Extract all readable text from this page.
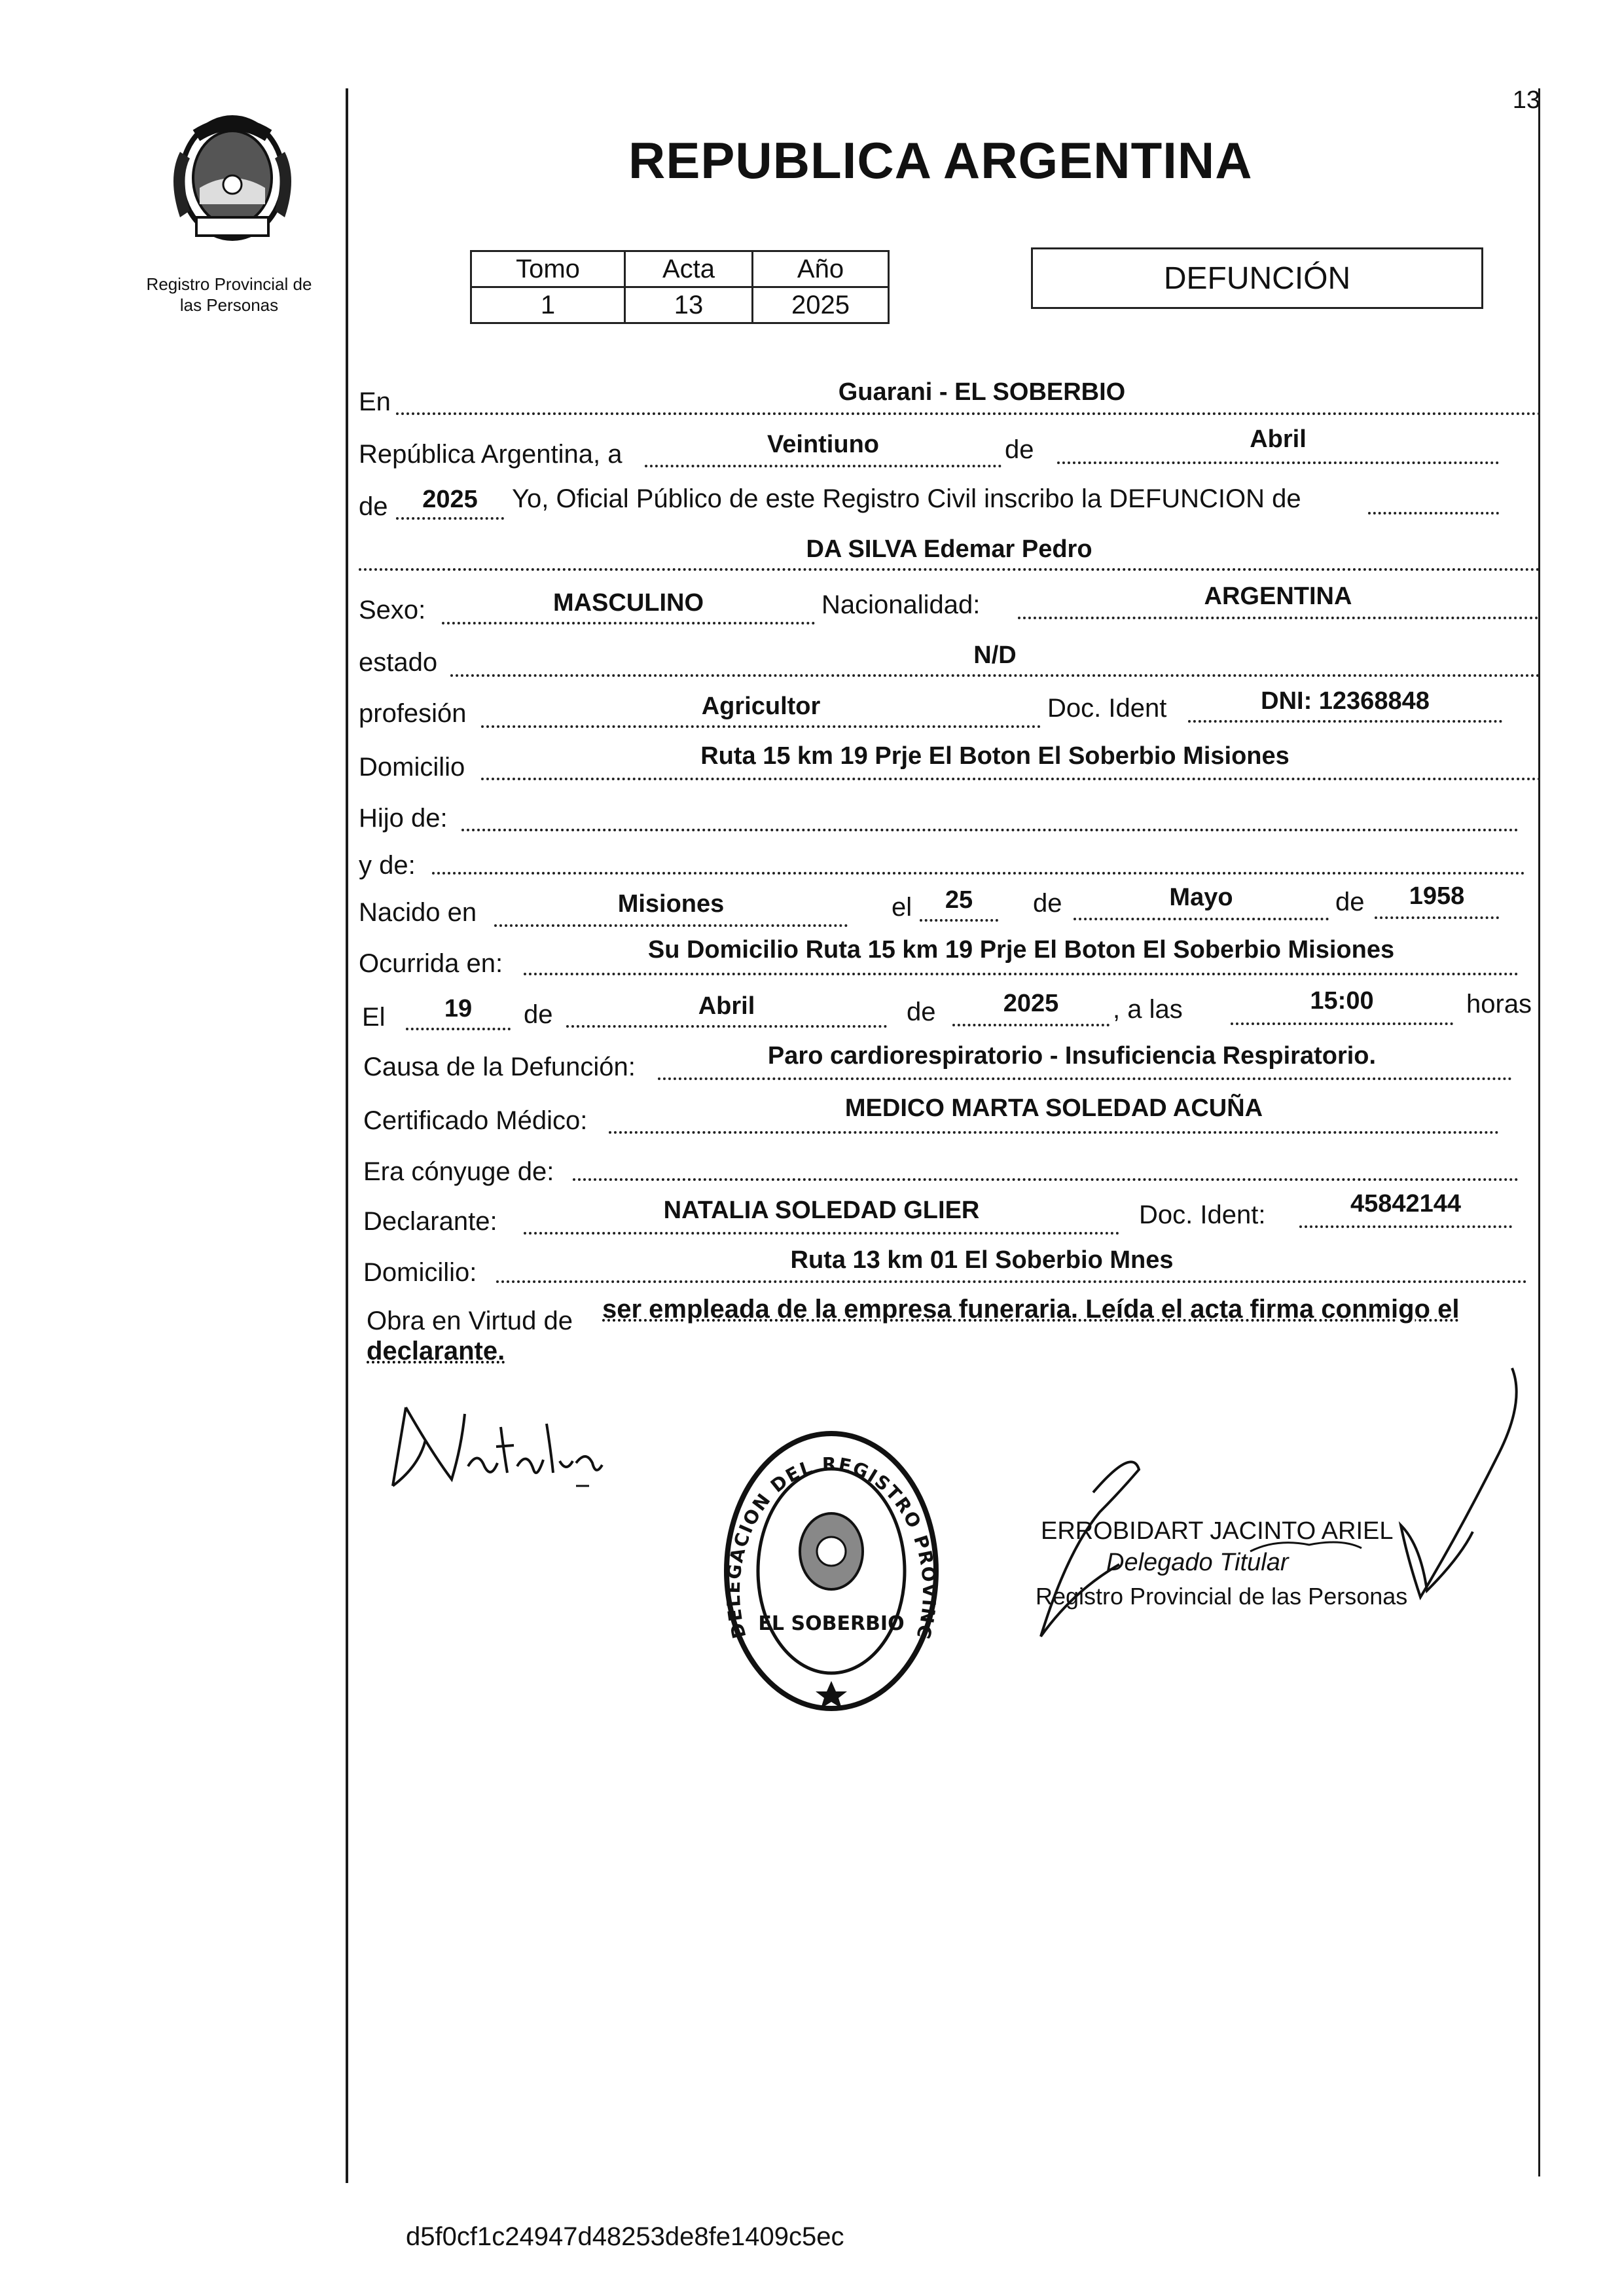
13
Registro Provincial de
las Personas
REPUBLICA ARGENTINA
Tomo	Acta	Año
1	13	2025
DEFUNCIÓN
En	Guarani - EL SOBERBIO
República Argentina, a	Veintiuno	de	Abril
de	2025	Yo, Oficial Público de este Registro Civil inscribo la DEFUNCION de
DA SILVA Edemar Pedro
Sexo:	MASCULINO	Nacionalidad:	ARGENTINA
estado	N/D
profesión	Agricultor	Doc. Ident	DNI: 12368848
Domicilio	Ruta 15 km 19 Prje El Boton El Soberbio Misiones
Hijo de:
y de:
Nacido en	Misiones	el	25	de	Mayo	de	1958
Ocurrida en:	Su Domicilio Ruta 15 km 19 Prje El Boton El Soberbio Misiones
El	19	de	Abril	de	2025	, a las	15:00	horas
Causa de la Defunción:	Paro cardiorespiratorio - Insuficiencia Respiratorio.
Certificado Médico:	MEDICO MARTA SOLEDAD ACUÑA
Era cónyuge de:
Declarante:	NATALIA SOLEDAD GLIER	Doc. Ident:	45842144
Domicilio:	Ruta 13 km 01 El Soberbio Mnes
Obra en Virtud de ser empleada de la empresa funeraria. Leída el acta firma conmigo el
declarante.
DELEGACION DEL REGISTRO PROVINC
EL SOBERBIO
ERROBIDART JACINTO ARIEL
Delegado Titular
Registro Provincial de las Personas
d5f0cf1c24947d48253de8fe1409c5ec
